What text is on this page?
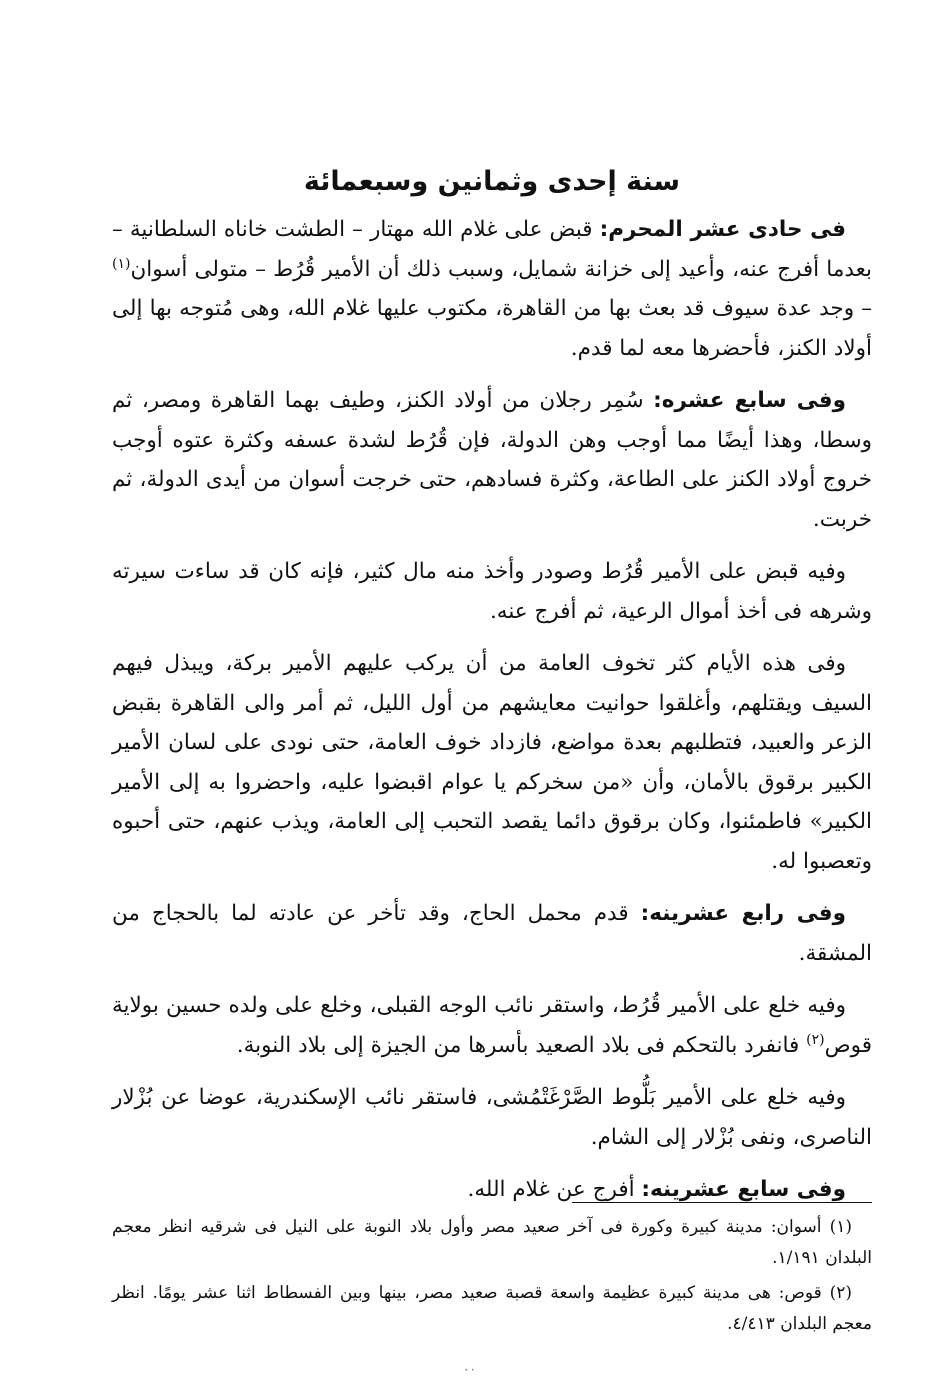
سنة إحدى وثمانين وسبعمائة

فى حادى عشر المحرم: قبض على غلام الله مهتار – الطشت خاناه السلطانية – بعدما أفرج عنه، وأعيد إلى خزانة شمايل، وسبب ذلك أن الأمير قُرُط – متولى أسوان$^{(١)}$ – وجد عدة سيوف قد بعث بها من القاهرة، مكتوب عليها غلام الله، وهى مُتوجه بها إلى أولاد الكنز، فأحضرها معه لما قدم.

وفى سابع عشره: سُمِر رجلان من أولاد الكنز، وطيف بهما القاهرة ومصر، ثم وسطا، وهذا أيضًا مما أوجب وهن الدولة، فإن قُرُط لشدة عسفه وكثرة عتوه أوجب خروج أولاد الكنز على الطاعة، وكثرة فسادهم، حتى خرجت أسوان من أيدى الدولة، ثم خربت.

وفيه قبض على الأمير قُرُط وصودر وأخذ منه مال كثير، فإنه كان قد ساءت سيرته وشرهه فى أخذ أموال الرعية، ثم أفرج عنه.

وفى هذه الأيام كثر تخوف العامة من أن يركب عليهم الأمير بركة، ويبذل فيهم السيف ويقتلهم، وأغلقوا حوانيت معايشهم من أول الليل، ثم أمر والى القاهرة بقبض الزعر والعبيد، فتطلبهم بعدة مواضع، فازداد خوف العامة، حتى نودى على لسان الأمير الكبير برقوق بالأمان، وأن «من سخركم يا عوام اقبضوا عليه، واحضروا به إلى الأمير الكبير» فاطمئنوا، وكان برقوق دائما يقصد التحبب إلى العامة، ويذب عنهم، حتى أحبوه وتعصبوا له.

وفى رابع عشرينه: قدم محمل الحاج، وقد تأخر عن عادته لما بالحجاج من المشقة.

وفيه خلع على الأمير قُرُط، واستقر نائب الوجه القبلى، وخلع على ولده حسين بولاية قوص$^{(٢)}$ فانفرد بالتحكم فى بلاد الصعيد بأسرها من الجيزة إلى بلاد النوبة.

وفيه خلع على الأمير بَلُّوط الصَّرْغَتْمُشى، فاستقر نائب الإسكندرية، عوضا عن بُزْلار الناصرى، ونفى بُزْلار إلى الشام.

وفى سابع عشرينه: أفرج عن غلام الله.

(١) أسوان: مدينة كبيرة وكورة فى آخر صعيد مصر وأول بلاد النوبة على النيل فى شرقيه انظر معجم البلدان ١/١٩١.

(٢) قوص: هى مدينة كبيرة عظيمة واسعة قصبة صعيد مصر، بينها وبين الفسطاط اثنا عشر يومًا. انظر معجم البلدان ٤/٤١٣.

٠٠
